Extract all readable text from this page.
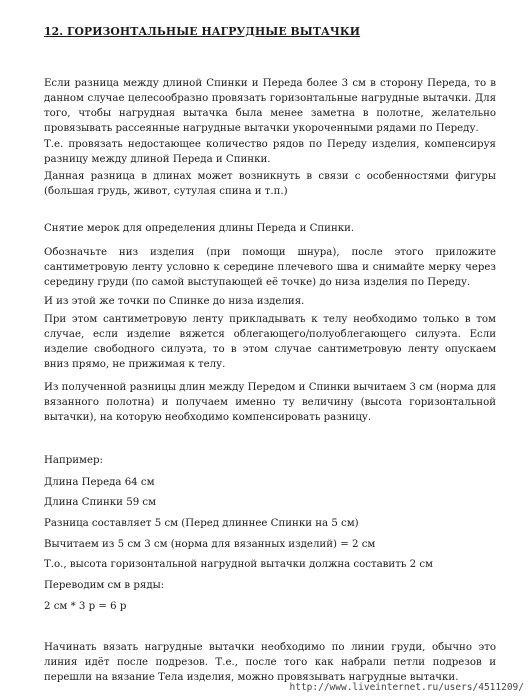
12. ГОРИЗОНТАЛЬНЫЕ НАГРУДНЫЕ ВЫТАЧКИ

Если разница между длиной Спинки и Переда более 3 см в сторону Переда, то в данном случае целесообразно провязать горизонтальные нагрудные вытачки. Для того, чтобы нагрудная вытачка была менее заметна в полотне, желательно провязывать рассеянные нагрудные вытачки укороченными рядами по Переду.

Т.е. провязать недостающее количество рядов по Переду изделия, компенсируя разницу между длиной Переда и Спинки.

Данная разница в длинах может возникнуть в связи с особенностями фигуры (большая грудь, живот, сутулая спина и т.п.)

Снятие мерок для определения длины Переда и Спинки.

Обозначьте низ изделия (при помощи шнура), после этого приложите сантиметровую ленту условно к середине плечевого шва и снимайте мерку через середину груди (по самой выступающей её точке) до низа изделия по Переду.

И из этой же точки по Спинке до низа изделия.

При этом сантиметровую ленту прикладывать к телу необходимо только в том случае, если изделие вяжется облегающего/полуоблегающего силуэта. Если изделие свободного силуэта, то в этом случае сантиметровую ленту опускаем вниз прямо, не прижимая к телу.

Из полученной разницы длин между Передом и Спинки вычитаем 3 см (норма для вязанного полотна) и получаем именно ту величину (высота горизонтальной вытачки), на которую необходимо компенсировать разницу.

Например:

Длина Переда 64 см

Длина Спинки 59 см

Разница составляет 5 см (Перед длиннее Спинки на 5 см)

Вычитаем из 5 см 3 см (норма для вязанных изделий) = 2 см

Т.о., высота горизонтальной нагрудной вытачки должна составить 2 см

Переводим см в ряды:

2 см * 3 р = 6 р

Начинать вязать нагрудные вытачки необходимо по линии груди, обычно это линия идёт после подрезов. Т.е., после того как набрали петли подрезов и перешли на вязание Тела изделия, можно провязывать нагрудные вытачки.

http://www.liveinternet.ru/users/4511209/
